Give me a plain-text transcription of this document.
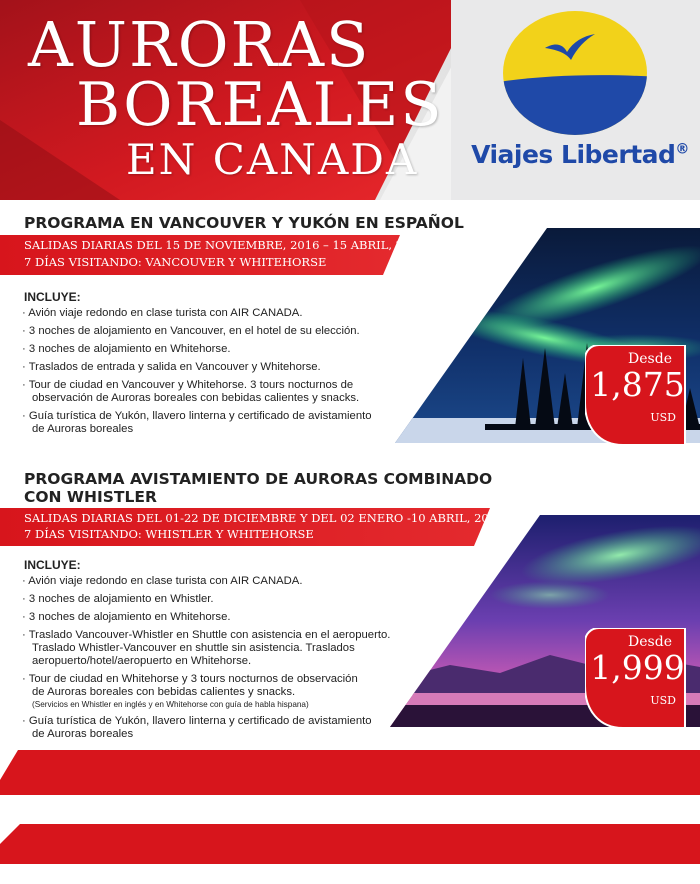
AURORAS
BOREALES
EN CANADA Viajes Libertad®
PROGRAMA EN VANCOUVER Y YUKÓN EN ESPAÑOL
SALIDAS DIARIAS DEL 15 DE NOVIEMBRE, 2016 – 15 ABRIL, 2017
7 DÍAS VISITANDO: VANCOUVER Y WHITEHORSE
INCLUYE:
· Avión viaje redondo en clase turista con AIR CANADA.
· 3 noches de alojamiento en Vancouver, en el hotel de su elección.
· 3 noches de alojamiento en Whitehorse.
· Traslados de entrada y salida en Vancouver y Whitehorse.
· Tour de ciudad en Vancouver y Whitehorse. 3 tours nocturnos de
observación de Auroras boreales con bebidas calientes y snacks.
· Guía turística de Yukón, llavero linterna y certificado de avistamiento
de Auroras boreales
Desde
1,875
USD
PROGRAMA AVISTAMIENTO DE AURORAS COMBINADO
CON WHISTLER
SALIDAS DIARIAS DEL 01-22 DE DICIEMBRE Y DEL 02 ENERO -10 ABRIL, 2017
7 DÍAS VISITANDO: WHISTLER Y WHITEHORSE
INCLUYE:
· Avión viaje redondo en clase turista con AIR CANADA.
· 3 noches de alojamiento en Whistler.
· 3 noches de alojamiento en Whitehorse.
· Traslado Vancouver-Whistler en Shuttle con asistencia en el aeropuerto.
Traslado Whistler-Vancouver en shuttle sin asistencia. Traslados
aeropuerto/hotel/aeropuerto en Whitehorse.
· Tour de ciudad en Whitehorse y 3 tours nocturnos de observación
de Auroras boreales con bebidas calientes y snacks.
(Servicios en Whistler en inglés y en Whitehorse con guía de habla hispana)
· Guía turística de Yukón, llavero linterna y certificado de avistamiento
de Auroras boreales
Desde
1,999
USD
